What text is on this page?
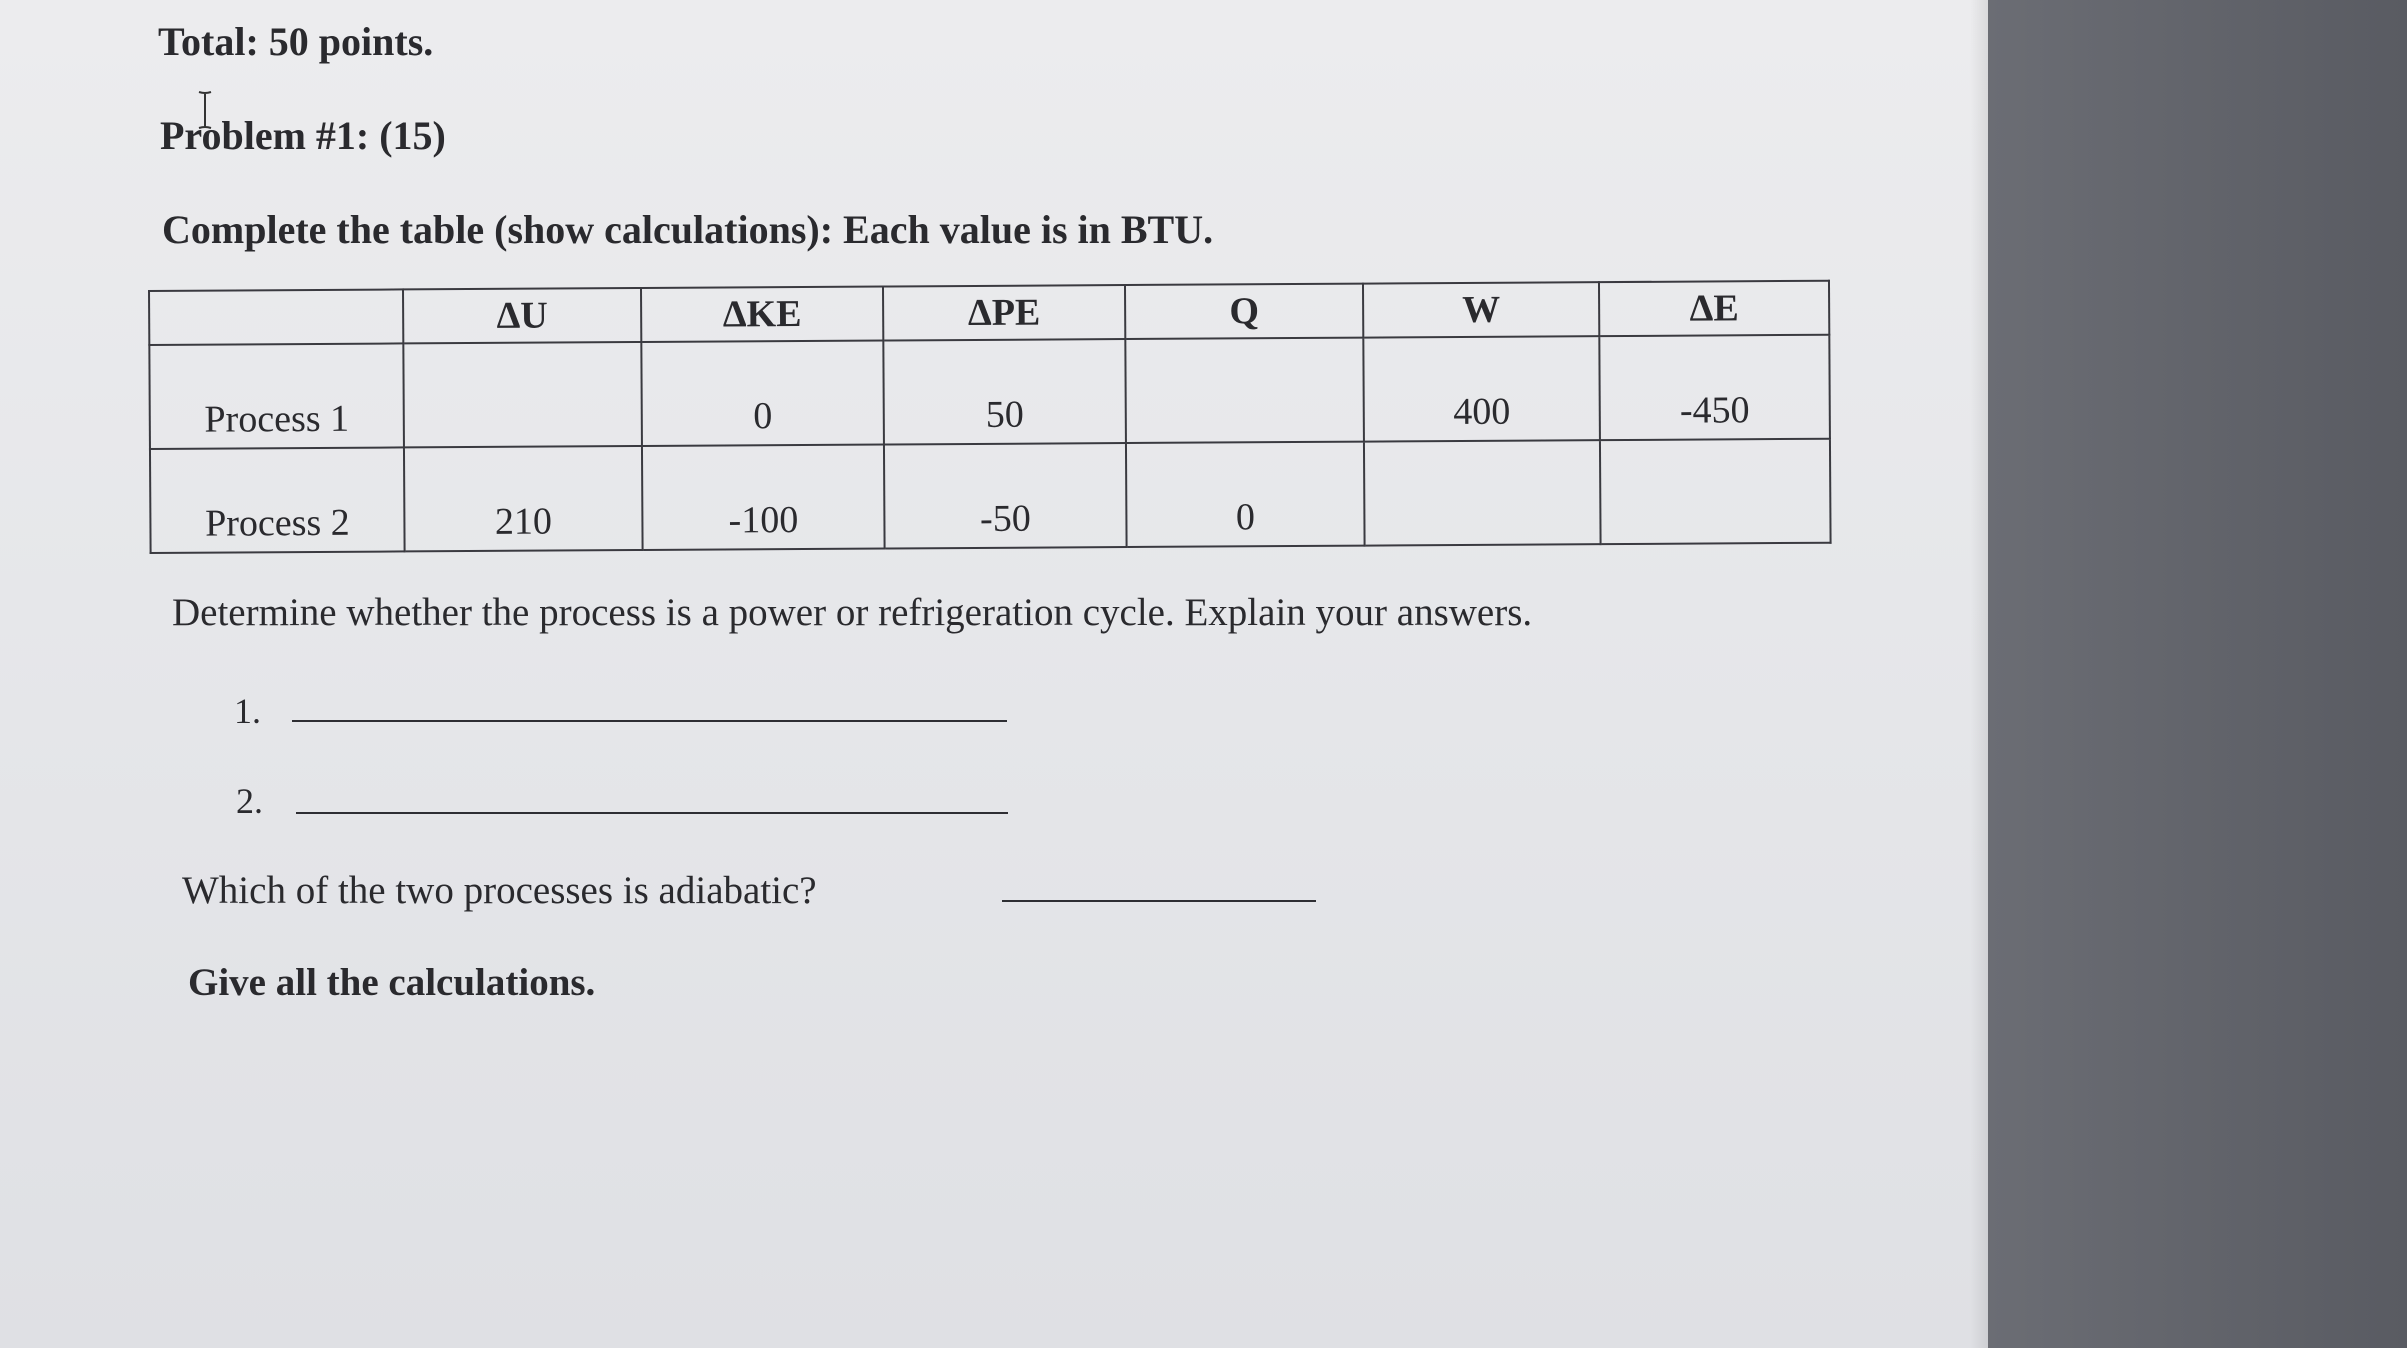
Total: 50 points.
Problem #1: (15)
Complete the table (show calculations): Each value is in BTU.
	ΔU	ΔKE	ΔPE	Q	W	ΔE
Process 1		0	50		400	-450
Process 2	210	-100	-50	0		
Determine whether the process is a power or refrigeration cycle. Explain your answers.
1.
2.
Which of the two processes is adiabatic?
Give all the calculations.
